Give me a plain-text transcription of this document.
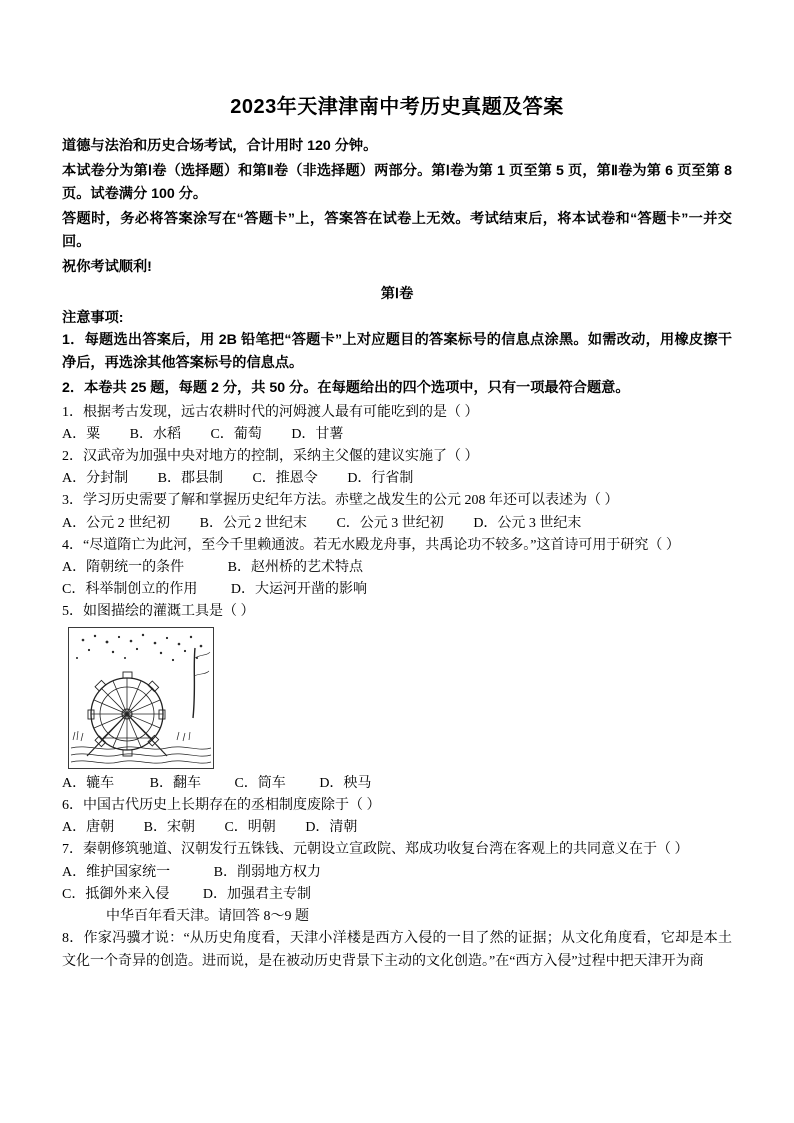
2023年天津津南中考历史真题及答案

道德与法治和历史合场考试，合计用时 120 分钟。

本试卷分为第Ⅰ卷（选择题）和第Ⅱ卷（非选择题）两部分。第Ⅰ卷为第 1 页至第 5 页，第Ⅱ卷为第 6 页至第 8 页。试卷满分 100 分。

答题时，务必将答案涂写在“答题卡”上，答案答在试卷上无效。考试结束后，将本试卷和“答题卡”一并交回。

祝你考试顺利!

第Ⅰ卷

注意事项:

1．每题选出答案后，用 2B 铅笔把“答题卡”上对应题目的答案标号的信息点涂黑。如需改动，用橡皮擦干净后，再选涂其他答案标号的信息点。

2．本卷共 25 题，每题 2 分，共 50 分。在每题给出的四个选项中，只有一项最符合题意。

1．根据考古发现，远古农耕时代的河姆渡人最有可能吃到的是（ ）

A．粟 B．水稻 C．葡萄 D．甘薯

2．汉武帝为加强中央对地方的控制，采纳主父偃的建议实施了（ ）

A．分封制 B．郡县制 C．推恩令 D．行省制

3．学习历史需要了解和掌握历史纪年方法。赤壁之战发生的公元 208 年还可以表述为（ ）

A．公元 2 世纪初 B．公元 2 世纪末 C．公元 3 世纪初 D．公元 3 世纪末

4．“尽道隋亡为此河，至今千里赖通波。若无水殿龙舟事，共禹论功不较多。”这首诗可用于研究（ ）

A．隋朝统一的条件	B．赵州桥的艺术特点

C．科举制创立的作用 D．大运河开凿的影响

5．如图描绘的灌溉工具是（ ）

A．辘车	B．翻车 C．筒车 D．秧马

6．中国古代历史上长期存在的丞相制度废除于（ ）

A．唐朝 B．宋朝 C．明朝 D．清朝

7．秦朝修筑驰道、汉朝发行五铢钱、元朝设立宣政院、郑成功收复台湾在客观上的共同意义在于（ ）

A．维护国家统一	B．削弱地方权力

C．抵御外来入侵 D．加强君主专制

中华百年看天津。请回答 8～9 题

8．作家冯骥才说：“从历史角度看，天津小洋楼是西方入侵的一目了然的证据；从文化角度看，它却是本土文化一个奇异的创造。进而说，是在被动历史背景下主动的文化创造。”在“西方入侵”过程中把天津开为商
